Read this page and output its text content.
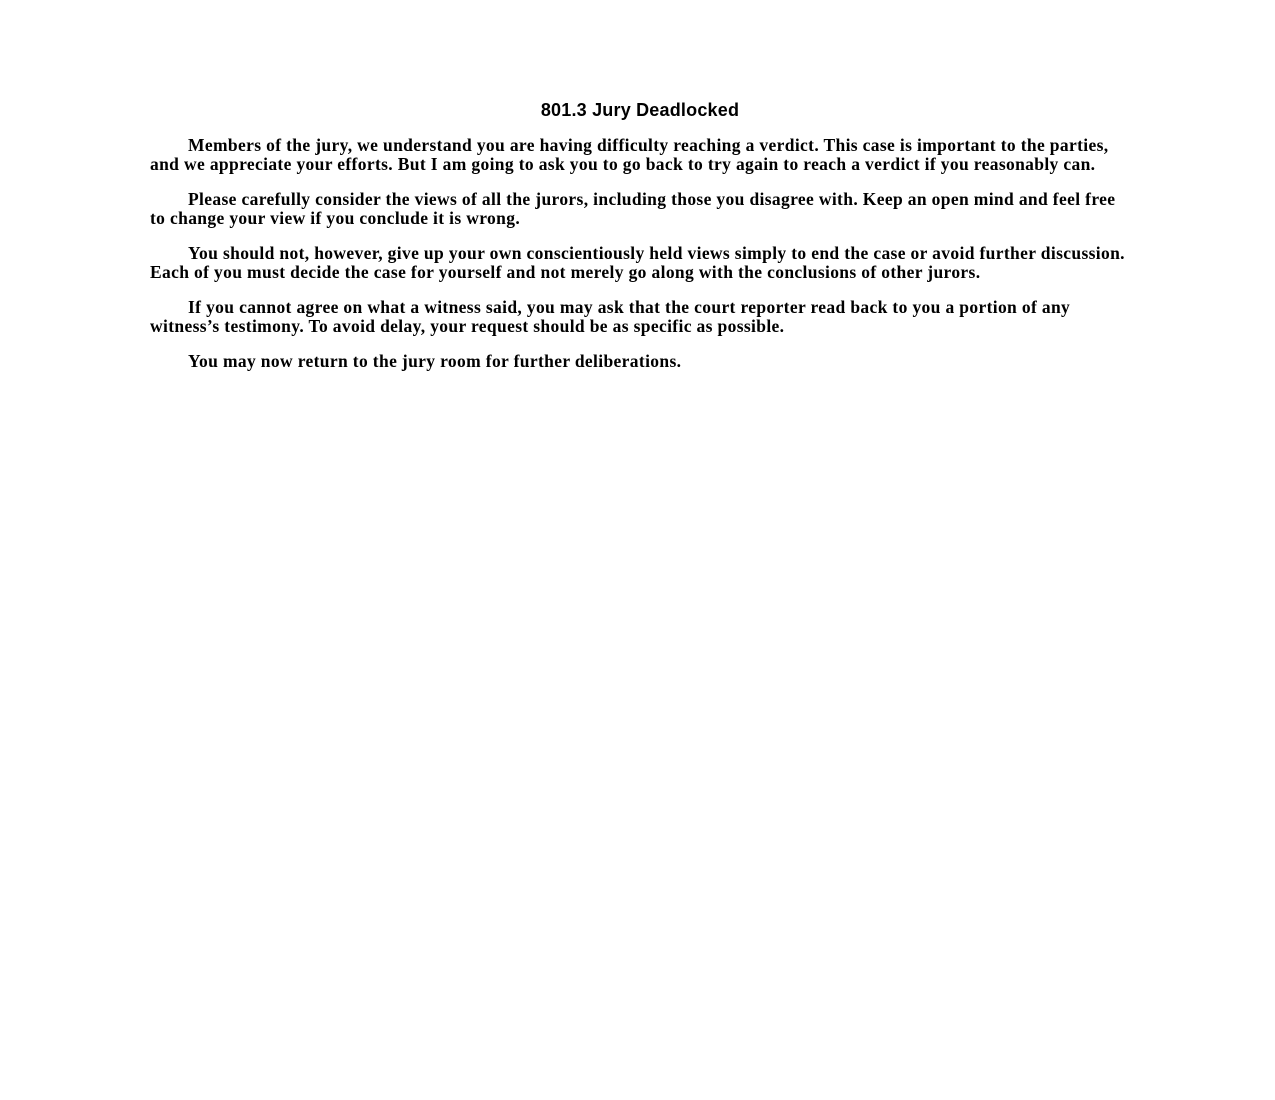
801.3 Jury Deadlocked

Members of the jury, we understand you are having difficulty reaching a verdict. This case is important to the parties, and we appreciate your efforts. But I am going to ask you to go back to try again to reach a verdict if you reasonably can.

Please carefully consider the views of all the jurors, including those you disagree with. Keep an open mind and feel free to change your view if you conclude it is wrong.

You should not, however, give up your own conscientiously held views simply to end the case or avoid further discussion. Each of you must decide the case for yourself and not merely go along with the conclusions of other jurors.

If you cannot agree on what a witness said, you may ask that the court reporter read back to you a portion of any witness’s testimony. To avoid delay, your request should be as specific as possible.

You may now return to the jury room for further deliberations.
